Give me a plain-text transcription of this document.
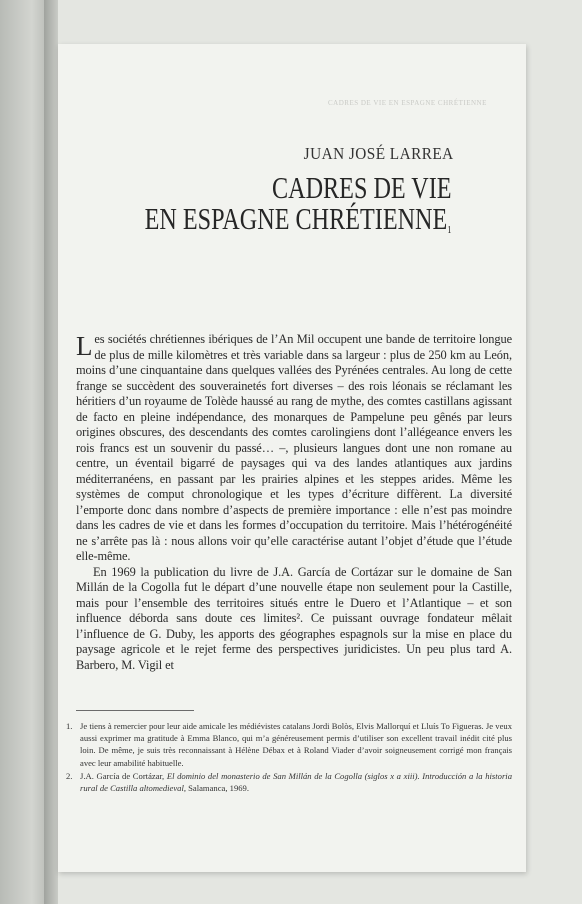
CADRES DE VIE EN ESPAGNE CHRÉTIENNE
JUAN JOSÉ LARREA
CADRES DE VIE
EN ESPAGNE CHRÉTIENNE$^1$

Les sociétés chrétiennes ibériques de l’An Mil occupent une bande de territoire longue de plus de mille kilomètres et très variable dans sa largeur : plus de 250 km au León, moins d’une cinquantaine dans quelques vallées des Pyrénées centrales. Au long de cette frange se succèdent des souverainetés fort diverses – des rois léonais se réclamant les héritiers d’un royaume de Tolède haussé au rang de mythe, des comtes castillans agissant de facto en pleine indépendance, des monarques de Pampelune peu gênés par leurs origines obscures, des descendants des comtes carolingiens dont l’allégeance envers les rois francs est un souvenir du passé… –, plusieurs langues dont une non romane au centre, un éventail bigarré de paysages qui va des landes atlantiques aux jardins méditerranéens, en passant par les prairies alpines et les steppes arides. Même les systèmes de comput chronologique et les types d’écriture diffèrent. La diversité l’emporte donc dans nombre d’aspects de première importance : elle n’est pas moindre dans les cadres de vie et dans les formes d’occupation du territoire. Mais l’hétérogénéité ne s’arrête pas là : nous allons voir qu’elle caractérise autant l’objet d’étude que l’étude elle-même.

En 1969 la publication du livre de J.A. García de Cortázar sur le domaine de San Millán de la Cogolla fut le départ d’une nouvelle étape non seulement pour la Castille, mais pour l’ensemble des territoires situés entre le Duero et l’Atlantique – et son influence déborda sans doute ces limites². Ce puissant ouvrage fondateur mêlait l’influence de G. Duby, les apports des géographes espagnols sur la mise en place du paysage agricole et le rejet ferme des perspectives juridicistes. Un peu plus tard A. Barbero, M. Vigil et

1. Je tiens à remercier pour leur aide amicale les médiévistes catalans Jordi Bolòs, Elvis Mallorquí et Lluís To Figueras. Je veux aussi exprimer ma gratitude à Emma Blanco, qui m’a généreusement permis d’utiliser son excellent travail inédit cité plus loin. De même, je suis très reconnaissant à Hélène Débax et à Roland Viader d’avoir soigneusement corrigé mon français avec leur amabilité habituelle.
2. J.A. García de Cortázar, El dominio del monasterio de San Millán de la Cogolla (siglos x a xiii). Introducción a la historia rural de Castilla altomedieval, Salamanca, 1969.
